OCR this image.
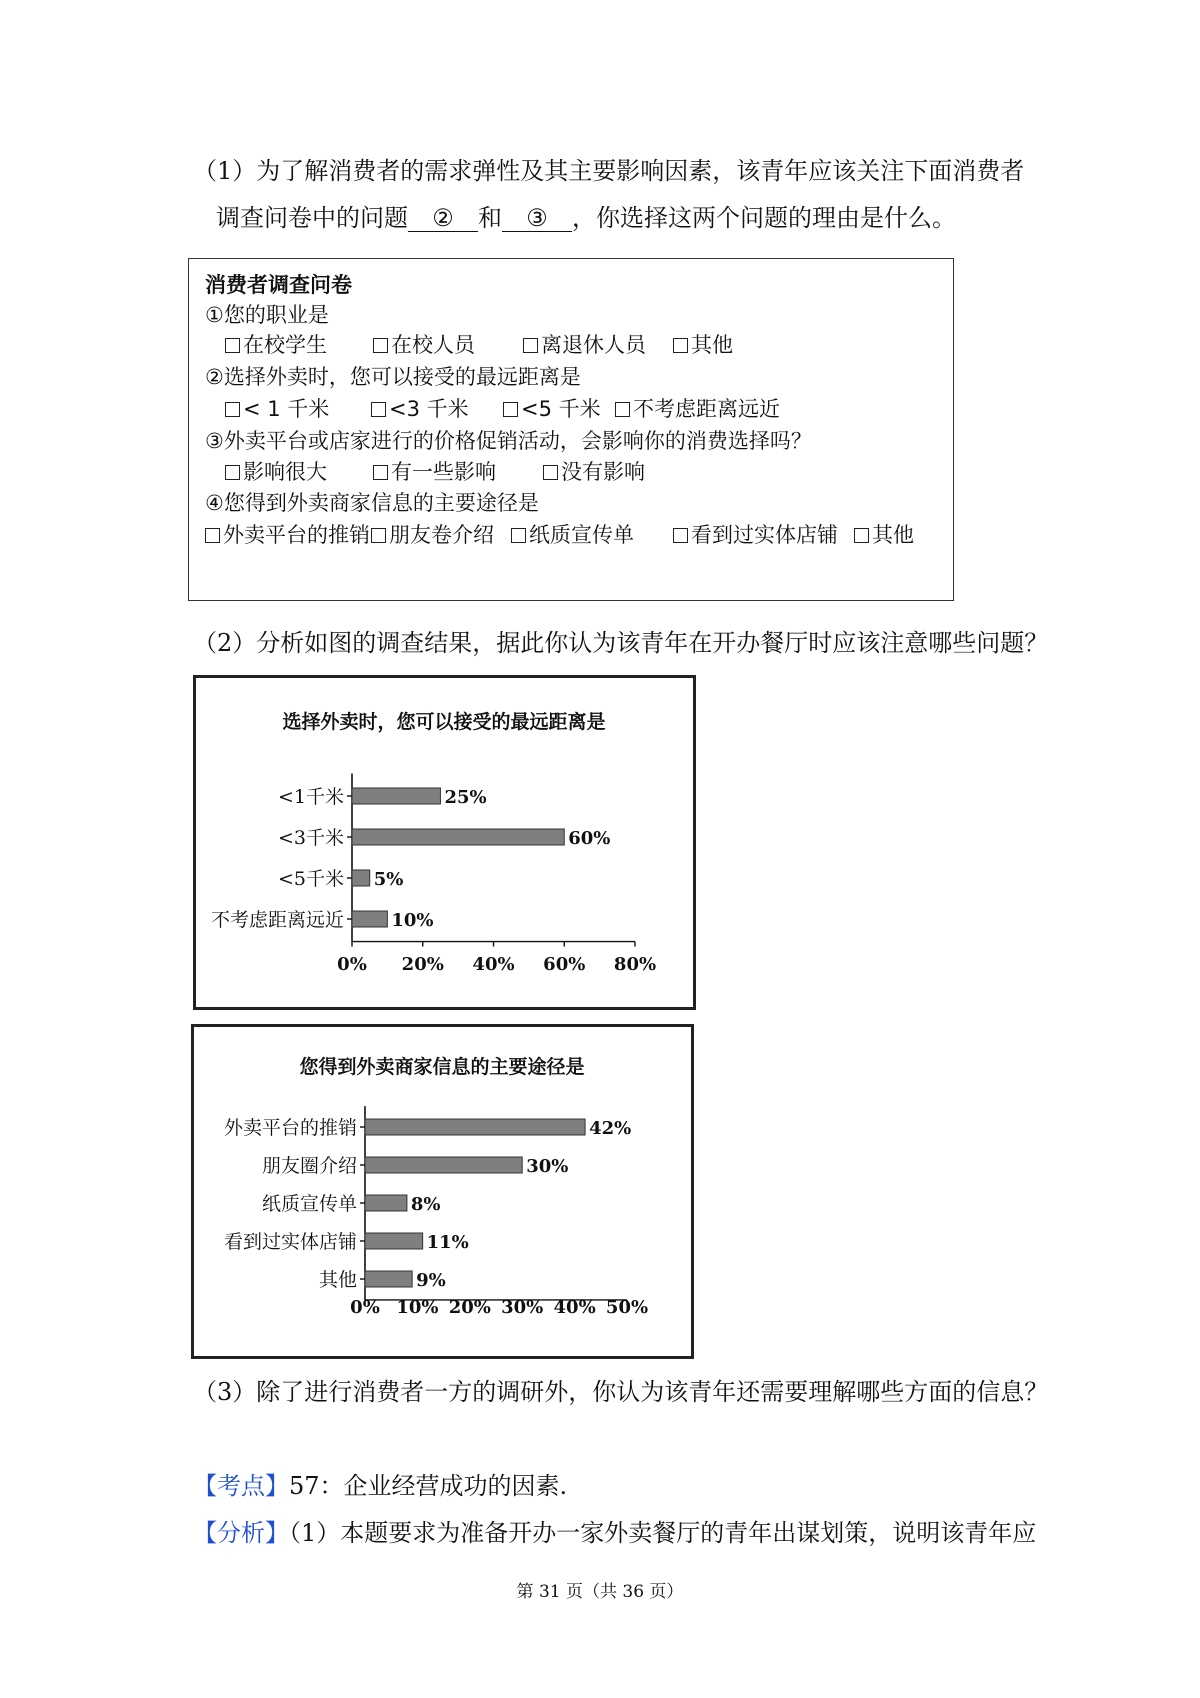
（1）为了解消费者的需求弹性及其主要影响因素，该青年应该关注下面消费者
调查问卷中的问题 ② 和 ③ ，你选择这两个问题的理由是什么。
消费者调查问卷
①您的职业是
在校学生	在校人员	离退休人员	其他
②选择外卖时，您可以接受的最远距离是
< 1 千米	<3 千米	<5 千米	不考虑距离远近
③外卖平台或店家进行的价格促销活动，会影响你的消费选择吗？
影响很大	有一些影响	没有影响
④您得到外卖商家信息的主要途径是
外卖平台的推销 朋友卷介绍	纸质宣传单	看到过实体店铺	其他
（2）分析如图的调查结果，据此你认为该青年在开办餐厅时应该注意哪些问题？
选择外卖时，您可以接受的最远距离是
<1千米	25%
<3千米	60%
<5千米 5%
不考虑距离远近	10%
0% 20% 40% 60% 80%
您得到外卖商家信息的主要途径是
外卖平台的推销	42%
朋友圈介绍	30%
纸质宣传单	8%
看到过实体店铺	11%
其他	9%
0% 10% 20% 30% 40% 50%
（3）除了进行消费者一方的调研外，你认为该青年还需要理解哪些方面的信息？
【考点】57：企业经营成功的因素.
【分析】（1）本题要求为准备开办一家外卖餐厅的青年出谋划策，说明该青年应
第 31 页（共 36 页）
